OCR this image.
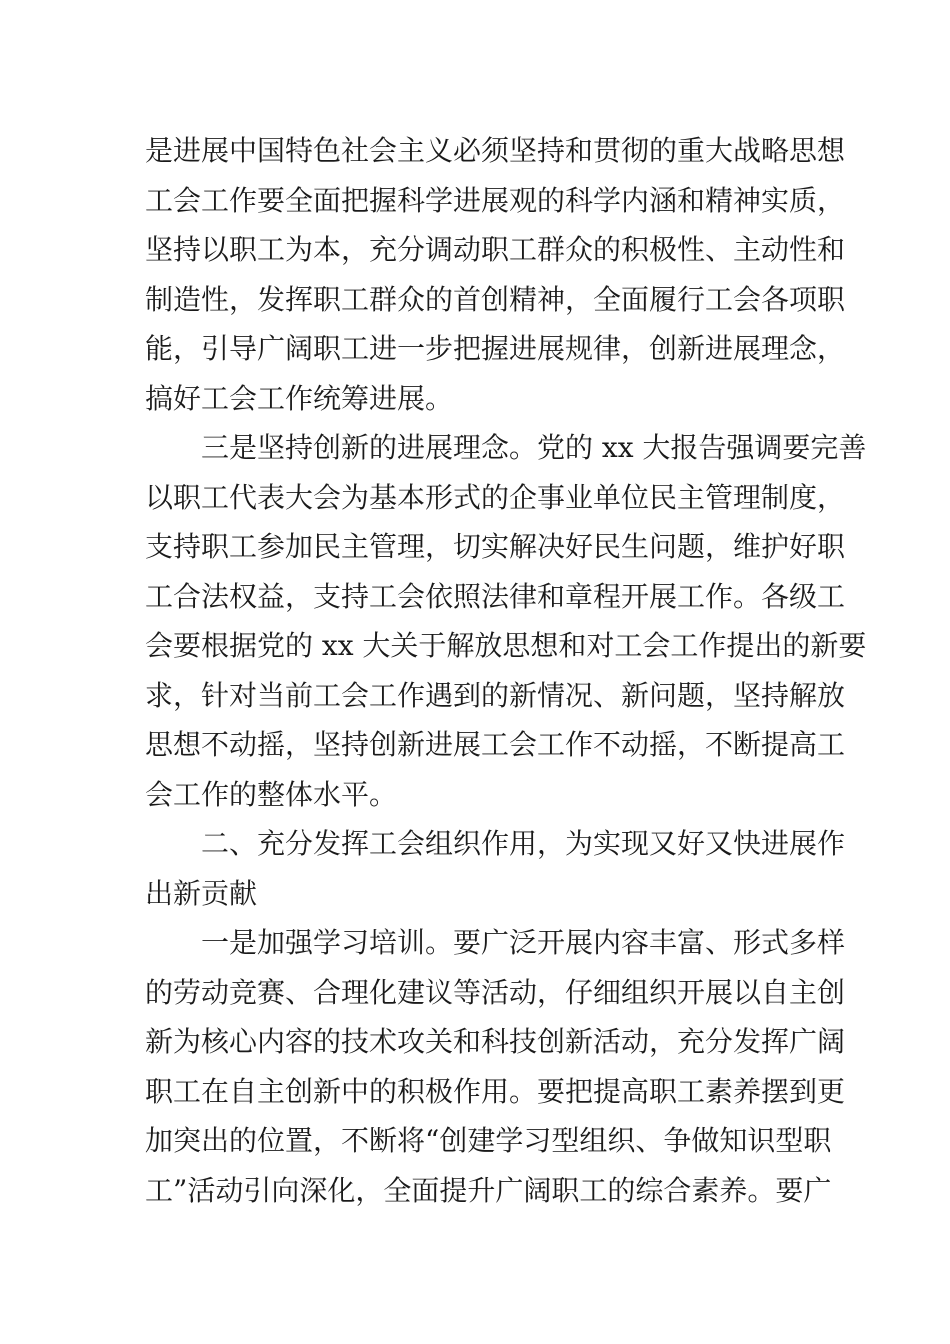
是进展中国特色社会主义必须坚持和贯彻的重大战略思想
工会工作要全面把握科学进展观的科学内涵和精神实质，
坚持以职工为本，充分调动职工群众的积极性、主动性和
制造性，发挥职工群众的首创精神，全面履行工会各项职
能，引导广阔职工进一步把握进展规律，创新进展理念，
搞好工会工作统筹进展。
三是坚持创新的进展理念。党的 xx 大报告强调要完善
以职工代表大会为基本形式的企事业单位民主管理制度，
支持职工参加民主管理，切实解决好民生问题，维护好职
工合法权益，支持工会依照法律和章程开展工作。各级工
会要根据党的 xx 大关于解放思想和对工会工作提出的新要
求，针对当前工会工作遇到的新情况、新问题，坚持解放
思想不动摇，坚持创新进展工会工作不动摇，不断提高工
会工作的整体水平。
二、充分发挥工会组织作用，为实现又好又快进展作
出新贡献
一是加强学习培训。要广泛开展内容丰富、形式多样
的劳动竞赛、合理化建议等活动，仔细组织开展以自主创
新为核心内容的技术攻关和科技创新活动，充分发挥广阔
职工在自主创新中的积极作用。要把提高职工素养摆到更
加突出的位置，不断将“创建学习型组织、争做知识型职
工”活动引向深化，全面提升广阔职工的综合素养。要广
